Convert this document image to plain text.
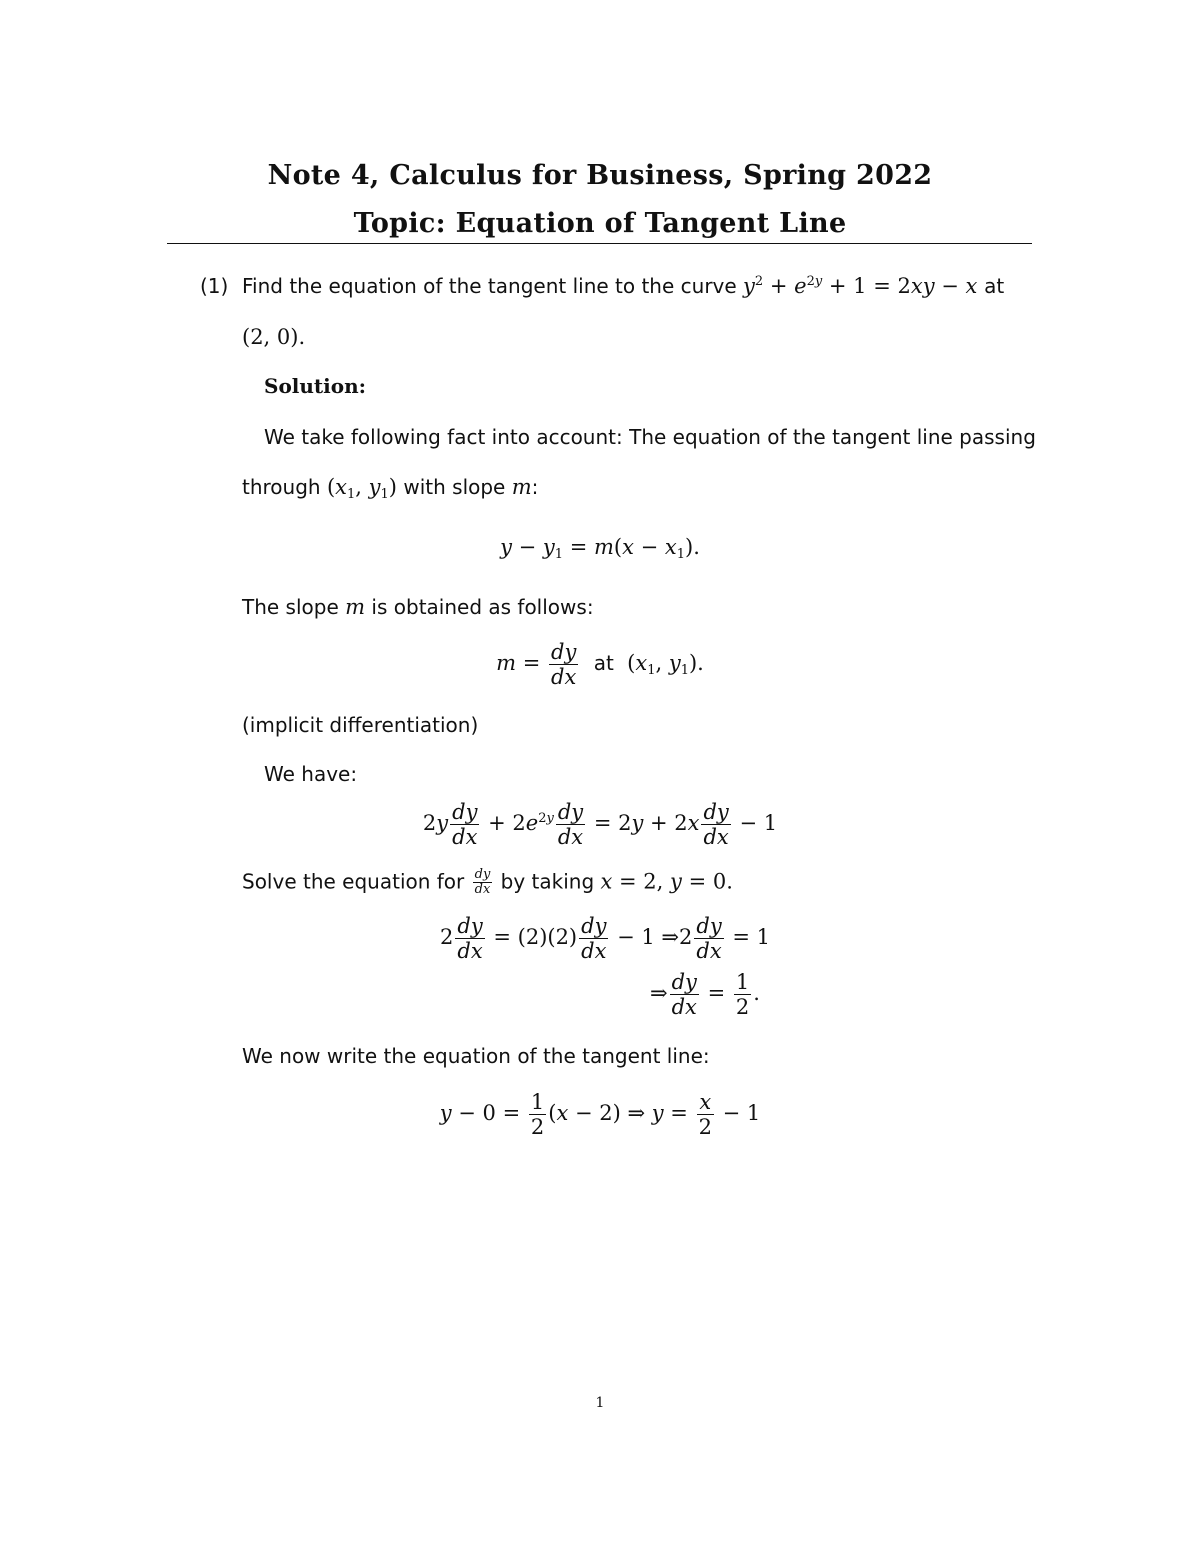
Note 4, Calculus for Business, Spring 2022
Topic: Equation of Tangent Line
(1) Find the equation of the tangent line to the curve $y^2 + e^{2y} + 1 = 2xy - x$ at
(2, 0).
Solution:
We take following fact into account: The equation of the tangent line passing
through ($x_1$, $y_1$) with slope m:
$y - y_1 = m(x - x_1)$.
The slope m is obtained as follows:
$m = \frac{dy}{dx}$ at  ($x_1$, $y_1$).
(implicit differentiation)
We have:
$2y \frac{dy}{dx} + 2e^{2y} \frac{dy}{dx} = 2y + 2x \frac{dy}{dx} - 1$
Solve the equation for $\frac{dy}{dx}$ by taking x = 2, y = 0.
$2 \frac{dy}{dx} = (2)(2) \frac{dy}{dx} - 1$ ⇒2 $\frac{dy}{dx} = 1$
⇒ $\frac{dy}{dx} = \frac{1}{2}$ .
We now write the equation of the tangent line:
$y - 0 = \frac{1}{2} (x - 2)$ ⇒ $y = \frac{x}{2} - 1$
1
